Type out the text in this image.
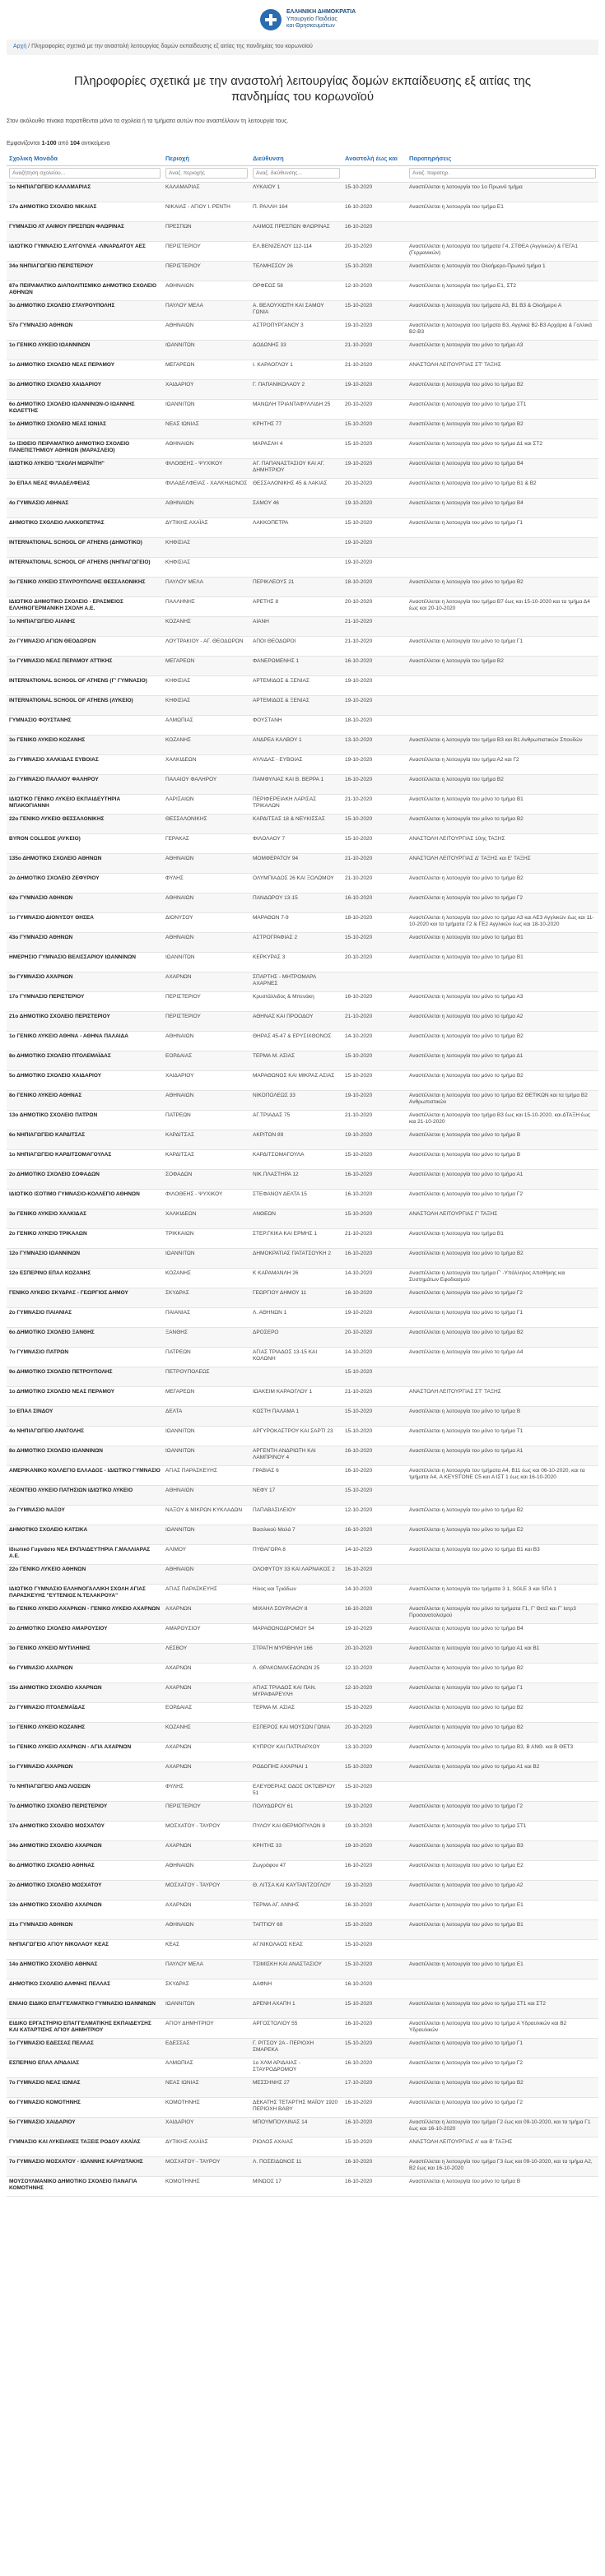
ΕΛΛΗΝΙΚΗ ΔΗΜΟΚΡΑΤΙΑ
Υπουργείο Παιδείας
και Θρησκευμάτων
Αρχή / Πληροφορίες σχετικά με την αναστολή λειτουργίας δομών εκπαίδευσης εξ αιτίας της πανδημίας του κορωνοϊού
Πληροφορίες σχετικά με την αναστολή λειτουργίας δομών εκπαίδευσης εξ αιτίας της πανδημίας του κορωνοϊού

Στον ακόλουθο πίνακα παρατίθενται μόνο τα σχολεία ή τα τμήματα αυτών που αναστέλλουν τη λειτουργία τους.

Εμφανίζονται 1-100 από 104 αντικείμενα

Σχολική Μονάδα	Περιοχή	Διεύθυνση	Αναστολή έως και	Παρατηρήσεις
Αναζήτηση σχολείου...	Αναζ. περιοχής	Αναζ. διεύθυνσης...		Αναζ. παρατηρ.
1ο ΝΗΠΙΑΓΩΓΕΙΟ ΚΑΛΑΜΑΡΙΑΣ	ΚΑΛΑΜΑΡΙΑΣ	ΛΥΚΑΙΟΥ 1	15-10-2020	Αναστέλλεται η λειτουργία του 1ο Πρωινό τμήμα
17ο ΔΗΜΟΤΙΚΟ ΣΧΟΛΕΙΟ ΝΙΚΑΙΑΣ	ΝΙΚΑΙΑΣ - ΑΓΙΟΥ Ι. ΡΕΝΤΗ	Π. ΡΑΛΛΗ 164	16-10-2020	Αναστέλλεται η λειτουργία του τμήμα Ε1
ΓΥΜΝΑΣΙΟ ΛΤ ΛΑΙΜΟΥ ΠΡΕΣΠΩΝ ΦΛΩΡΙΝΑΣ	ΠΡΕΣΠΩΝ	ΛΑΙΜΟΣ ΠΡΕΣΠΩΝ ΦΛΩΡΙΝΑΣ	16-10-2020	
ΙΔΙΩΤΙΚΟ ΓΥΜΝΑΣΙΟ Σ.ΑΥΓΟΥΛΕΑ -ΛΙΝΑΡΔΑΤΟΥ ΑΕΣ	ΠΕΡΙΣΤΕΡΙΟΥ	ΕΛ.ΒΕΝΙΖΕΛΟΥ 112-114	20-10-2020	Αναστέλλεται η λειτουργία του τμήματα Γ4, ΣΤΘΕΑ (Αγγλικών) & ΓΕΓΑ1 (Γερμανικών)
34ο ΝΗΠΙΑΓΩΓΕΙΟ ΠΕΡΙΣΤΕΡΙΟΥ	ΠΕΡΙΣΤΕΡΙΟΥ	ΤΕΛΜΗΣΣΟΥ 26	15-10-2020	Αναστέλλεται η λειτουργία του Ολοήμερο-Πρωινό τμήμα 1
87ο ΠΕΙΡΑΜΑΤΙΚΟ ΔΙΑΠΟΛΙΤΙΣΜΙΚΟ ΔΗΜΟΤΙΚΟ ΣΧΟΛΕΙΟ ΑΘΗΝΩΝ	ΑΘΗΝΑΙΩΝ	ΟΡΦΕΩΣ 58	12-10-2020	Αναστέλλεται η λειτουργία του τμήμα Ε1, ΣΤ2
3ο ΔΗΜΟΤΙΚΟ ΣΧΟΛΕΙΟ ΣΤΑΥΡΟΥΠΟΛΗΣ	ΠΑΥΛΟΥ ΜΕΛΑ	Α. ΒΕΛΟΥΧΙΩΤΗ ΚΑΙ ΣΑΜΟΥ ΓΩΝΙΑ	15-10-2020	Αναστέλλεται η λειτουργία του τμήματα Α3, Β1 Β3 & Ολοήμερο Α
57ο ΓΥΜΝΑΣΙΟ ΑΘΗΝΩΝ	ΑΘΗΝΑΙΩΝ	ΑΣΤΡΟΠΥΡΓΑΝΟΥ 3	19-10-2020	Αναστέλλεται η λειτουργία του τμήματα Β3, Αγγλικά Β2-Β3 Αρχάρια & Γαλλικά Β2-Β3
1ο ΓΕΝΙΚΟ ΛΥΚΕΙΟ ΙΩΑΝΝΙΝΩΝ	ΙΩΑΝΝΙΤΩΝ	ΔΟΔΩΝΗΣ 33	21-10-2020	Αναστέλλεται η λειτουργία του μόνο το τμήμα Α3
1ο ΔΗΜΟΤΙΚΟ ΣΧΟΛΕΙΟ ΝΕΑΣ ΠΕΡΑΜΟΥ	ΜΕΓΑΡΕΩΝ	Ι. ΚΑΡΑΟΓΛΟΥ 1	21-10-2020	ΑΝΑΣΤΟΛΗ ΛΕΙΤΟΥΡΓΙΑΣ ΣΤ' ΤΑΞΗΣ
3ο ΔΗΜΟΤΙΚΟ ΣΧΟΛΕΙΟ ΧΑΙΔΑΡΙΟΥ	ΧΑΙΔΑΡΙΟΥ	Γ. ΠΑΠΑΝΙΚΟΛΑΟΥ 2	19-10-2020	Αναστέλλεται η λειτουργία του μόνο το τμήμα Β2
6ο ΔΗΜΟΤΙΚΟ ΣΧΟΛΕΙΟ ΙΩΑΝΝΙΝΩΝ-Ο ΙΩΑΝΝΗΣ ΚΩΛΕΤΤΗΣ	ΙΩΑΝΝΙΤΩΝ	ΜΑΝΩΛΗ ΤΡΙΑΝΤΑΦΥΛΛΙΔΗ 25	20-10-2020	Αναστέλλεται η λειτουργία του μόνο το τμήμα ΣΤ1
1ο ΔΗΜΟΤΙΚΟ ΣΧΟΛΕΙΟ ΝΕΑΣ ΙΩΝΙΑΣ	ΝΕΑΣ ΙΩΝΙΑΣ	ΚΡΗΤΗΣ 77	15-10-2020	Αναστέλλεται η λειτουργία του μόνο το τμήμα Β2
1ο ΙΣΙΘΕΙΟ ΠΕΙΡΑΜΑΤΙΚΟ ΔΗΜΟΤΙΚΟ ΣΧΟΛΕΙΟ ΠΑΝΕΠΙΣΤΗΜΙΟΥ ΑΘΗΝΩΝ (ΜΑΡΑΣΛΕΙΟ)	ΑΘΗΝΑΙΩΝ	ΜΑΡΑΣΛΗ 4	15-10-2020	Αναστέλλεται η λειτουργία του μόνο το τμήμα Δ1 και ΣΤ2
ΙΔΙΩΤΙΚΟ ΛΥΚΕΙΟ "ΣΧΟΛΗ ΜΩΡΑΪΤΗ"	ΦΙΛΟΘΕΗΣ - ΨΥΧΙΚΟΥ	ΑΓ. ΠΑΠΑΝΑΣΤΑΣΙΟΥ ΚΑΙ ΑΓ. ΔΗΜΗΤΡΙΟΥ	19-10-2020	Αναστέλλεται η λειτουργία του μόνο το τμήμα Β4
3ο ΕΠΑΛ ΝΕΑΣ ΦΙΛΑΔΕΛΦΕΙΑΣ	ΦΙΛΑΔΕΛΦΕΙΑΣ - ΧΑΛΚΗΔΟΝΟΣ	ΘΕΣΣΑΛΟΝΙΚΗΣ 45 & ΛΑΚΙΑΣ	20-10-2020	Αναστέλλεται η λειτουργία του μόνο το τμήμα Β1 & Β2
4ο ΓΥΜΝΑΣΙΟ ΑΘΗΝΑΣ	ΑΘΗΝΑΙΩΝ	ΣΑΜΟΥ 46	19-10-2020	Αναστέλλεται η λειτουργία του μόνο το τμήμα Β4
ΔΗΜΟΤΙΚΟ ΣΧΟΛΕΙΟ ΛΑΚΚΟΠΕΤΡΑΣ	ΔΥΤΙΚΗΣ ΑΧΑΪΑΣ	ΛΑΚΚΟΠΕΤΡΑ	15-10-2020	Αναστέλλεται η λειτουργία του μόνο το τμήμα Γ1
INTERNATIONAL SCHOOL OF ATHENS (ΔΗΜΟΤΙΚΟ)	ΚΗΦΙΣΙΑΣ		19-10-2020	
INTERNATIONAL SCHOOL OF ATHENS (ΝΗΠΙΑΓΩΓΕΙΟ)	ΚΗΦΙΣΙΑΣ		19-10-2020	
3ο ΓΕΝΙΚΟ ΛΥΚΕΙΟ ΣΤΑΥΡΟΥΠΟΛΗΣ ΘΕΣΣΑΛΟΝΙΚΗΣ	ΠΑΥΛΟΥ ΜΕΛΑ	ΠΕΡΙΚΛΕΟΥΣ 21	18-10-2020	Αναστέλλεται η λειτουργία του μόνο το τμήμα Β2
ΙΔΙΩΤΙΚΟ ΔΗΜΟΤΙΚΟ ΣΧΟΛΕΙΟ - ΕΡΑΣΜΕΙΟΣ ΕΛΛΗΝΟΓΕΡΜΑΝΙΚΗ ΣΧΟΛΗ Α.Ε.	ΠΑΛΛΗΝΗΣ	ΑΡΕΤΗΣ 8	20-10-2020	Αναστέλλεται η λειτουργία του τμήμα Β7 έως και 15-10-2020 και τα τμήμα Δ4 έως και 20-10-2020
1ο ΝΗΠΙΑΓΩΓΕΙΟ ΑΙΑΝΗΣ	ΚΟΖΑΝΗΣ	ΑΙΑΝΗ	21-10-2020	
2ο ΓΥΜΝΑΣΙΟ ΑΓΙΩΝ ΘΕΟΔΩΡΩΝ	ΛΟΥΤΡΑΚΙΟΥ - ΑΓ. ΘΕΟΔΩΡΩΝ	ΑΠΟΙ ΘΕΟΔΩΡΟΙ	21-10-2020	Αναστέλλεται η λειτουργία του μόνο το τμήμα Γ1
1ο ΓΥΜΝΑΣΙΟ ΝΕΑΣ ΠΕΡΑΜΟΥ ΑΤΤΙΚΗΣ	ΜΕΓΑΡΕΩΝ	ΦΑΝΕΡΩΜΕΝΗΣ 1	16-10-2020	Αναστέλλεται η λειτουργία του τμήμα Β2
INTERNATIONAL SCHOOL OF ATHENS (Γ' ΓΥΜΝΑΣΙΟ)	ΚΗΦΙΣΙΑΣ	ΑΡΤΕΜΙΔΟΣ & ΞΕΝΙΑΣ	19-10-2020	
INTERNATIONAL SCHOOL OF ATHENS (ΛΥΚΕΙΟ)	ΚΗΦΙΣΙΑΣ	ΑΡΤΕΜΙΔΟΣ & ΞΕΝΙΑΣ	19-10-2020	
ΓΥΜΝΑΣΙΟ ΦΟΥΣΤΑΝΗΣ	ΑΛΜΩΠΙΑΣ	ΦΟΥΣΤΑΝΗ	18-10-2020	
3ο ΓΕΝΙΚΟ ΛΥΚΕΙΟ ΚΟΖΑΝΗΣ	ΚΟΖΑΝΗΣ	ΑΝΔΡΕΑ ΚΑΛΒΟΥ 1	13-10-2020	Αναστέλλεται η λειτουργία του τμήμα Β3 και Β1 Ανθρωπιστικών Σπουδών
2ο ΓΥΜΝΑΣΙΟ ΧΑΛΚΙΔΑΣ ΕΥΒΟΙΑΣ	ΧΑΛΚΙΔΕΩΝ	ΑΥΛΙΔΑΣ - ΕΥΒΟΙΑΣ	19-10-2020	Αναστέλλεται η λειτουργία του τμήμα Α2 και Γ2
2ο ΓΥΜΝΑΣΙΟ ΠΑΛΑΙΟΥ ΦΑΛΗΡΟΥ	ΠΑΛΑΙΟΥ ΦΑΛΗΡΟΥ	ΠΑΜΦΥΛΙΑΣ ΚΑΙ Β. ΒΕΡΡΑ 1	16-10-2020	Αναστέλλεται η λειτουργία του τμήμα Β2
ΙΔΙΩΤΙΚΟ ΓΕΝΙΚΟ ΛΥΚΕΙΟ ΕΚΠΑΙΔΕΥΤΗΡΙΑ ΜΠΑΚΟΓΙΑΝΝΗ	ΛΑΡΙΣΑΙΩΝ	ΠΕΡΙΦΕΡΕΙΑΚΗ ΛΑΡΙΣΑΣ ΤΡΙΚΑΛΩΝ	21-10-2020	Αναστέλλεται η λειτουργία του μόνο το τμήμα Β1
22ο ΓΕΝΙΚΟ ΛΥΚΕΙΟ ΘΕΣΣΑΛΟΝΙΚΗΣ	ΘΕΣΣΑΛΟΝΙΚΗΣ	ΚΑΡΔΙΤΣΑΣ 18 & ΝΕΥΚΙΣΣΑΣ	15-10-2020	Αναστέλλεται η λειτουργία του μόνο το τμήμα Β2
BYRON COLLEGE (ΛΥΚΕΙΟ)	ΓΕΡΑΚΑΣ	ΦΙΛΟΛΑΟΥ 7	15-10-2020	ΑΝΑΣΤΟΛΗ ΛΕΙΤΟΥΡΓΙΑΣ 10ης ΤΑΞΗΣ
135ο ΔΗΜΟΤΙΚΟ ΣΧΟΛΕΙΟ ΑΘΗΝΩΝ	ΑΘΗΝΑΙΩΝ	ΜΟΜΦΕΡΑΤΟΥ 94	21-10-2020	ΑΝΑΣΤΟΛΗ ΛΕΙΤΟΥΡΓΙΑΣ Δ' ΤΑΞΗΣ και Ε' ΤΑΞΗΣ
2ο ΔΗΜΟΤΙΚΟ ΣΧΟΛΕΙΟ ΖΕΦΥΡΙΟΥ	ΦΥΛΗΣ	ΟΛΥΜΠΙΑΔΟΣ 26 ΚΑΙ ΞΟΛΩΜΟΥ	21-10-2020	Αναστέλλεται η λειτουργία του μόνο το τμήμα Β2
62ο ΓΥΜΝΑΣΙΟ ΑΘΗΝΩΝ	ΑΘΗΝΑΙΩΝ	ΠΑΝΔΩΡΟΥ 13-15	16-10-2020	Αναστέλλεται η λειτουργία του μόνο το τμήμα Γ2
1ο ΓΥΜΝΑΣΙΟ ΔΙΟΝΥΣΟΥ ΘΗΣΕΑ	ΔΙΟΝΥΣΟΥ	ΜΑΡΑΘΩΝ 7-9	18-10-2020	Αναστέλλεται η λειτουργία του μόνο το τμήμα Α3 και ΑΕ3 Αγγλικών έως και 11-10-2020 και τα τμήματα Γ2 & ΓΕ2 Αγγλικών έως και 18-10-2020
43ο ΓΥΜΝΑΣΙΟ ΑΘΗΝΩΝ	ΑΘΗΝΑΙΩΝ	ΑΣΤΡΟΓΡΑΦΙΑΣ 2	15-10-2020	Αναστέλλεται η λειτουργία του μόνο το τμήμα Β1
ΗΜΕΡΗΣΙΟ ΓΥΜΝΑΣΙΟ ΒΕΛΙΣΣΑΡΙΟΥ ΙΩΑΝΝΙΝΩΝ	ΙΩΑΝΝΙΤΩΝ	ΚΕΡΚΥΡΑΣ 3	20-10-2020	Αναστέλλεται η λειτουργία του μόνο το τμήμα Β1
3ο ΓΥΜΝΑΣΙΟ ΑΧΑΡΝΩΝ	ΑΧΑΡΝΩΝ	ΣΠΑΡΤΗΣ - ΜΗΤΡΟΜΑΡΑ ΑΧΑΡΝΕΣ		
17ο ΓΥΜΝΑΣΙΟ ΠΕΡΙΣΤΕΡΙΟΥ	ΠΕΡΙΣΤΕΡΙΟΥ	Κρυστάλλιδος & Μπενάκη	16-10-2020	Αναστέλλεται η λειτουργία του μόνο το τμήμα Α3
21ο ΔΗΜΟΤΙΚΟ ΣΧΟΛΕΙΟ ΠΕΡΙΣΤΕΡΙΟΥ	ΠΕΡΙΣΤΕΡΙΟΥ	ΑΘΗΝΑΣ ΚΑΙ ΠΡΟΟΔΟΥ	21-10-2020	Αναστέλλεται η λειτουργία του μόνο το τμήμα Α2
1ο ΓΕΝΙΚΟ ΛΥΚΕΙΟ ΑΘΗΝΑ - ΑΘΗΝΑ ΠΑΛΑΙΔΑ	ΑΘΗΝΑΙΩΝ	ΘΗΡΑΣ 45-47 & ΕΡΥΣΙΧΘΟΝΟΣ	14-10-2020	Αναστέλλεται η λειτουργία του μόνο το τμήμα Β2
8ο ΔΗΜΟΤΙΚΟ ΣΧΟΛΕΙΟ ΠΤΟΛΕΜΑΪΔΑΣ	ΕΟΡΔΑΙΑΣ	ΤΕΡΜΑ Μ. ΑΣΙΑΣ	15-10-2020	Αναστέλλεται η λειτουργία του μόνο το τμήμα Δ1
5ο ΔΗΜΟΤΙΚΟ ΣΧΟΛΕΙΟ ΧΑΙΔΑΡΙΟΥ	ΧΑΙΔΑΡΙΟΥ	ΜΑΡΑΘΩΝΟΣ ΚΑΙ ΜΙΚΡΑΣ ΑΣΙΑΣ	15-10-2020	Αναστέλλεται η λειτουργία του μόνο το τμήμα Β2
8ο ΓΕΝΙΚΟ ΛΥΚΕΙΟ ΑΘΗΝΑΣ	ΑΘΗΝΑΙΩΝ	ΝΙΚΟΠΟΛΕΩΣ 33	19-10-2020	Αναστέλλεται η λειτουργία του μόνο το τμήμα Β2 ΘΕΤΙΚΩΝ και τα τμήμα Β2 Ανθρωπιστικών
13ο ΔΗΜΟΤΙΚΟ ΣΧΟΛΕΙΟ ΠΑΤΡΩΝ	ΠΑΤΡΕΩΝ	ΑΓ.ΤΡΙΑΔΑΣ 75	21-10-2020	Αναστέλλεται η λειτουργία του τμήμα Β3 έως και 15-10-2020, και ΔΤΑΞΗ έως και 21-10-2020
6ο ΝΗΠΙΑΓΩΓΕΙΟ ΚΑΡΔΙΤΣΑΣ	ΚΑΡΔΙΤΣΑΣ	ΑΚΡΙΤΩΝ 89	19-10-2020	Αναστέλλεται η λειτουργία του μόνο το τμήμα Β
1ο ΝΗΠΙΑΓΩΓΕΙΟ ΚΑΡΔΙΤΣΟΜΑΓΟΥΛΑΣ	ΚΑΡΔΙΤΣΑΣ	ΚΑΡΔΙΤΣΟΜΑΓΟΥΛΑ	15-10-2020	Αναστέλλεται η λειτουργία του μόνο το τμήμα Β
2ο ΔΗΜΟΤΙΚΟ ΣΧΟΛΕΙΟ ΣΟΦΑΔΩΝ	ΣΟΦΑΔΩΝ	ΝΙΚ.ΠΛΑΣΤΗΡΑ 12	16-10-2020	Αναστέλλεται η λειτουργία του μόνο το τμήμα Α1
ΙΔΙΩΤΙΚΟ ΙΣΟΤΙΜΟ ΓΥΜΝΑΣΙΟ-ΚΟΛΛΕΓΙΟ ΑΘΗΝΩΝ	ΦΙΛΟΘΕΗΣ - ΨΥΧΙΚΟΥ	ΣΤΕΦΑΝΟΥ ΔΕΛΤΑ 15	16-10-2020	Αναστέλλεται η λειτουργία του μόνο το τμήμα Γ2
3ο ΓΕΝΙΚΟ ΛΥΚΕΙΟ ΧΑΛΚΙΔΑΣ	ΧΑΛΚΙΔΕΩΝ	ΑΝΘΕΩΝ	15-10-2020	ΑΝΑΣΤΟΛΗ ΛΕΙΤΟΥΡΓΙΑΣ Γ' ΤΑΞΗΣ
2ο ΓΕΝΙΚΟ ΛΥΚΕΙΟ ΤΡΙΚΑΛΩΝ	ΤΡΙΚΚΑΙΩΝ	ΣΤΕΡ.ΓΚΙΚΑ ΚΑΙ ΕΡΜΗΣ 1	21-10-2020	Αναστέλλεται η λειτουργία του τμήμα Β1
12ο ΓΥΜΝΑΣΙΟ ΙΩΑΝΝΙΝΩΝ	ΙΩΑΝΝΙΤΩΝ	ΔΗΜΟΚΡΑΤΙΑΣ ΠΑΤΑΤΣΟΥΚΗ 2	16-10-2020	Αναστέλλεται η λειτουργία του μόνο το τμήμα Β2
12ο ΕΣΠΕΡΙΝΟ ΕΠΑΛ ΚΟΖΑΝΗΣ	ΚΟΖΑΝΗΣ	Κ ΚΑΡΑΜΑΝΛΗ 26	14-10-2020	Αναστέλλεται η λειτουργία του τμήμα Γ' -Υπάλληλος Αποθήκης και Συστημάτων Εφοδιασμού
ΓΕΝΙΚΟ ΛΥΚΕΙΟ ΣΚΥΔΡΑΣ - ΓΕΩΡΓΙΟΣ ΔΗΜΟΥ	ΣΚΥΔΡΑΣ	ΓΕΩΡΓΙΟΥ ΔΗΜΟΥ 11	16-10-2020	Αναστέλλεται η λειτουργία του μόνο το τμήμα Γ2
2ο ΓΥΜΝΑΣΙΟ ΠΑΙΑΝΙΑΣ	ΠΑΙΑΝΙΑΣ	Λ. ΑΘΗΝΩΝ 1	19-10-2020	Αναστέλλεται η λειτουργία του μόνο το τμήμα Γ1
6ο ΔΗΜΟΤΙΚΟ ΣΧΟΛΕΙΟ ΞΑΝΘΗΣ	ΞΑΝΘΗΣ	ΔΡΟΣΕΡΟ	20-10-2020	Αναστέλλεται η λειτουργία του μόνο το τμήμα Β2
7ο ΓΥΜΝΑΣΙΟ ΠΑΤΡΩΝ	ΠΑΤΡΕΩΝ	ΑΓΙΑΣ ΤΡΙΑΔΟΣ 13-15 ΚΑΙ ΚΟΛΩΝΗ	14-10-2020	Αναστέλλεται η λειτουργία του μόνο το τμήμα Α4
9ο ΔΗΜΟΤΙΚΟ ΣΧΟΛΕΙΟ ΠΕΤΡΟΥΠΟΛΗΣ	ΠΕΤΡΟΥΠΟΛΕΩΣ		15-10-2020	
1ο ΔΗΜΟΤΙΚΟ ΣΧΟΛΕΙΟ ΝΕΑΣ ΠΕΡΑΜΟΥ	ΜΕΓΑΡΕΩΝ	ΙΩΑΚΕΙΜ ΚΑΡΑΟΓΛΟΥ 1	21-10-2020	ΑΝΑΣΤΟΛΗ ΛΕΙΤΟΥΡΓΙΑΣ ΣΤ' ΤΑΞΗΣ
1ο ΕΠΑΛ ΣΙΝΔΟΥ	ΔΕΛΤΑ	ΚΩΣΤΗ ΠΑΛΑΜΑ 1	15-10-2020	Αναστέλλεται η λειτουργία του μόνο το τμήμα Β
4ο ΝΗΠΙΑΓΩΓΕΙΟ ΑΝΑΤΟΛΗΣ	ΙΩΑΝΝΙΤΩΝ	ΑΡΓΥΡΟΚΑΣΤΡΟΥ ΚΑΙ ΣΑΡΤΙ 23	15-10-2020	Αναστέλλεται η λειτουργία του μόνο το τμήμα Τ1
8ο ΔΗΜΟΤΙΚΟ ΣΧΟΛΕΙΟ ΙΩΑΝΝΙΝΩΝ	ΙΩΑΝΝΙΤΩΝ	ΑΡΓΕΝΤΗ ΑΝΔΡΙΩΤΗ ΚΑΙ ΛΑΜΠΡΙΝΟΥ 4	16-10-2020	Αναστέλλεται η λειτουργία του μόνο το τμήμα Α1
ΑΜΕΡΙΚΑΝΙΚΟ ΚΟΛΛΕΓΙΟ ΕΛΛΑΔΟΣ - ΙΔΙΩΤΙΚΟ ΓΥΜΝΑΣΙΟ	ΑΓΙΑΣ ΠΑΡΑΣΚΕΥΗΣ	ΓΡΑΒΙΑΣ 6	16-10-2020	Αναστέλλεται η λειτουργία του τμήματα Α4, Β11 έως και 06-10-2020, και τα τμήματα Α4, A KEYSTONE C5 και A ΙΣΤ 1 έως και 16-10-2020
ΛΕΟΝΤΕΙΟ ΛΥΚΕΙΟ ΠΑΤΗΣΙΩΝ ΙΔΙΩΤΙΚΟ ΛΥΚΕΙΟ	ΑΘΗΝΑΙΩΝ	ΝΕΦΥ 17	15-10-2020	
2ο ΓΥΜΝΑΣΙΟ ΝΑΞΟΥ	ΝΑΞΟΥ & ΜΙΚΡΩΝ ΚΥΚΛΑΔΩΝ	ΠΑΠΑΒΑΣΙΛΕΙΟΥ	12-10-2020	Αναστέλλεται η λειτουργία του μόνο το τμήμα Β2
ΔΗΜΟΤΙΚΟ ΣΧΟΛΕΙΟ ΚΑΤΣΙΚΑ	ΙΩΑΝΝΙΤΩΝ	Βασιλικού Μολά 7	16-10-2020	Αναστέλλεται η λειτουργία του μόνο το τμήμα Ε2
Ιδιωτικό Γυμνάσιο ΝΕΑ ΕΚΠΑΙΔΕΥΤΗΡΙΑ Γ.ΜΑΛΛΙΑΡΑΣ Α.Ε.	ΑΛΙΜΟΥ	ΠΥΘΑΓΟΡΑ 8	14-10-2020	Αναστέλλεται η λειτουργία του μόνο το τμήμα Β1 και Β3
22ο ΓΕΝΙΚΟ ΛΥΚΕΙΟ ΑΘΗΝΩΝ	ΑΘΗΝΑΙΩΝ	ΟΛΟΦΥΤΟΥ 33 ΚΑΙ ΛΑΡΝΑΚΟΣ 2	16-10-2020	
ΙΔΙΩΤΙΚΟ ΓΥΜΝΑΣΙΟ ΕΛΛΗΝΟΓΑΛΛΙΚΗ ΣΧΟΛΗ ΑΓΙΑΣ ΠΑΡΑΣΚΕΥΗΣ "ΕΥΤΕΝΙΟΣ Ν.ΤΕΛΑΚΡΟΥΑ"	ΑΓΙΑΣ ΠΑΡΑΣΚΕΥΗΣ	Ηλιος και Τριάδων	14-10-2020	Αναστέλλεται η λειτουργία του τμήματα 3 1, SGLE 3 και SΠΑ 1
8ο ΓΕΝΙΚΟ ΛΥΚΕΙΟ ΑΧΑΡΝΩΝ - ΓΕΝΙΚΟ ΛΥΚΕΙΟ ΑΧΑΡΝΩΝ	ΑΧΑΡΝΩΝ	ΜΙΧΑΗΛ ΣΟΥΡΛΑΟΥ 8	16-10-2020	Αναστέλλεται η λειτουργία του μόνο τα τμήματα Γ1, Γ' Θετ2 και Γ' Ιατρ3 Προσανατολισμού
2ο ΔΗΜΟΤΙΚΟ ΣΧΟΛΕΙΟ ΑΜΑΡΟΥΣΙΟΥ	ΑΜΑΡΟΥΣΙΟΥ	ΜΑΡΑΘΩΝΟΔΡΟΜΟΥ 54	19-10-2020	Αναστέλλεται η λειτουργία του μόνο το τμήμα Β4
3ο ΓΕΝΙΚΟ ΛΥΚΕΙΟ ΜΥΤΙΛΗΝΗΣ	ΛΕΣΒΟΥ	ΣΤΡΑΤΗ ΜΥΡΙΒΗΛΗ 166	20-10-2020	Αναστέλλεται η λειτουργία του μόνο το τμήμα Α1 και Β1
6ο ΓΥΜΝΑΣΙΟ ΑΧΑΡΝΩΝ	ΑΧΑΡΝΩΝ	Λ. ΘΡΑΚΟΜΑΚΕΔΟΝΩΝ 25	12-10-2020	Αναστέλλεται η λειτουργία του μόνο το τμήμα Β2
15ο ΔΗΜΟΤΙΚΟ ΣΧΟΛΕΙΟ ΑΧΑΡΝΩΝ	ΑΧΑΡΝΩΝ	ΑΓΙΑΣ ΤΡΙΑΔΟΣ ΚΑΙ ΠΑΝ. ΜΥΡΑΦΑΡΕΥΛΗ	12-10-2020	Αναστέλλεται η λειτουργία του μόνο το τμήμα Γ1
2ο ΓΥΜΝΑΣΙΟ ΠΤΟΛΕΜΑΪΔΑΣ	ΕΟΡΔΑΙΑΣ	ΤΕΡΜΑ Μ. ΑΣΙΑΣ	15-10-2020	Αναστέλλεται η λειτουργία του μόνο το τμήμα Β2
1ο ΓΕΝΙΚΟ ΛΥΚΕΙΟ ΚΟΖΑΝΗΣ	ΚΟΖΑΝΗΣ	ΕΣΠΕΡΟΣ ΚΑΙ ΜΟΥΣΩΝ ΓΩΝΙΑ	20-10-2020	Αναστέλλεται η λειτουργία του μόνο το τμήμα Β2
1ο ΓΕΝΙΚΟ ΛΥΚΕΙΟ ΑΧΑΡΝΩΝ - ΑΓΙΑ ΑΧΑΡΝΩΝ	ΑΧΑΡΝΩΝ	ΚΥΠΡΟΥ ΚΑΙ ΠΑΤΡΙΑΡΧΟΥ	13-10-2020	Αναστέλλεται η λειτουργία του μόνο το τμήμα Β3, Β ΑΝΘ. και Β ΘΕΤ3
1ο ΓΥΜΝΑΣΙΟ ΑΧΑΡΝΩΝ	ΑΧΑΡΝΩΝ	ΡΟΔΟΠΗΣ ΑΧΑΡΝΑΙ 1	15-10-2020	Αναστέλλεται η λειτουργία του μόνο το τμήμα Α1 και Β2
7ο ΝΗΠΙΑΓΩΓΕΙΟ ΑΝΩ ΛΙΟΣΙΩΝ	ΦΥΛΗΣ	ΕΛΕΥΘΕΡΙΑΣ ΟΔΟΣ ΟΚΤΩΒΡΙΟΥ 51	15-10-2020	
7ο ΔΗΜΟΤΙΚΟ ΣΧΟΛΕΙΟ ΠΕΡΙΣΤΕΡΙΟΥ	ΠΕΡΙΣΤΕΡΙΟΥ	ΠΟΛΥΔΩΡΟΥ 61	19-10-2020	Αναστέλλεται η λειτουργία του μόνο το τμήμα Γ2
17ο ΔΗΜΟΤΙΚΟ ΣΧΟΛΕΙΟ ΜΟΣΧΑΤΟΥ	ΜΟΣΧΑΤΟΥ - ΤΑΥΡΟΥ	ΠΥΛΟΥ ΚΑΙ ΘΕΡΜΟΠΥΛΩΝ 8	19-10-2020	Αναστέλλεται η λειτουργία του μόνο το τμήμα ΣΤ1
34ο ΔΗΜΟΤΙΚΟ ΣΧΟΛΕΙΟ ΑΧΑΡΝΩΝ	ΑΧΑΡΝΩΝ	ΚΡΗΤΗΣ 33	19-10-2020	Αναστέλλεται η λειτουργία του μόνο το τμήμα Β3
8ο ΔΗΜΟΤΙΚΟ ΣΧΟΛΕΙΟ ΑΘΗΝΑΣ	ΑΘΗΝΑΙΩΝ	Ζωγράφου 47	16-10-2020	Αναστέλλεται η λειτουργία του μόνο το τμήμα Ε2
2ο ΔΗΜΟΤΙΚΟ ΣΧΟΛΕΙΟ ΜΟΣΧΑΤΟΥ	ΜΟΣΧΑΤΟΥ - ΤΑΥΡΟΥ	Θ. ΛΙΤΣΑ ΚΑΙ ΚΑΥΤΑΝΤΖΟΓΛΟΥ	19-10-2020	Αναστέλλεται η λειτουργία του μόνο το τμήμα Α2
13ο ΔΗΜΟΤΙΚΟ ΣΧΟΛΕΙΟ ΑΧΑΡΝΩΝ	ΑΧΑΡΝΩΝ	ΤΕΡΜΑ ΑΓ. ΑΝΝΗΣ	16-10-2020	Αναστέλλεται η λειτουργία του μόνο το τμήμα Ε1
21ο ΓΥΜΝΑΣΙΟ ΑΘΗΝΩΝ	ΑΘΗΝΑΙΩΝ	ΤΑΠΤΙΟΥ 69	15-10-2020	Αναστέλλεται η λειτουργία του μόνο το τμήμα Β1
ΝΗΠΙΑΓΩΓΕΙΟ ΑΓΙΟΥ ΝΙΚΟΛΑΟΥ ΚΕΑΣ	ΚΕΑΣ	ΑΓ.ΝΙΚΟΛΑΟΣ ΚΕΑΣ	15-10-2020	
14ο ΔΗΜΟΤΙΚΟ ΣΧΟΛΕΙΟ ΑΘΗΝΑΣ	ΠΑΥΛΟΥ ΜΕΛΑ	ΤΣΙΜΙΣΚΗ ΚΑΙ ΑΝΑΣΤΑΣΙΟΥ	15-10-2020	Αναστέλλεται η λειτουργία του μόνο το τμήμα Ε1
ΔΗΜΟΤΙΚΟ ΣΧΟΛΕΙΟ ΔΑΦΝΗΣ ΠΕΛΛΑΣ	ΣΚΥΔΡΑΣ	ΔΑΦΝΗ	16-10-2020	
ΕΝΙΑΙΟ ΕΙΔΙΚΟ ΕΠΑΓΓΕΛΜΑΤΙΚΟ ΓΥΜΝΑΣΙΟ ΙΩΑΝΝΙΝΩΝ	ΙΩΑΝΝΙΤΩΝ	ΔΡΕΝΗ ΑΧΑΠΗ 1	15-10-2020	Αναστέλλεται η λειτουργία του μόνο το τμήμα ΣΤ1 και ΣΤ2
ΕΙΔΙΚΟ ΕΡΓΑΣΤΗΡΙΟ ΕΠΑΓΓΕΛΜΑΤΙΚΗΣ ΕΚΠΑΙΔΕΥΣΗΣ ΚΑΙ ΚΑΤΑΡΤΙΣΗΣ ΑΓΙΟΥ ΔΗΜΗΤΡΙΟΥ	ΑΓΙΟΥ ΔΗΜΗΤΡΙΟΥ	ΑΡΓΟΣΤΟΛΙΟΥ 55	16-10-2020	Αναστέλλεται η λειτουργία του μόνο το τμήμα Α Υδραυλικών και Β2 Υδραυλικών
1ο ΓΥΜΝΑΣΙΟ ΕΔΕΣΣΑΣ ΠΕΛΛΑΣ	ΕΔΕΣΣΑΣ	Γ. ΡΙΤΣΟΥ 2Α - ΠΕΡΙΟΧΗ ΣΜΑΡΕΚΑ	15-10-2020	Αναστέλλεται η λειτουργία του μόνο το τμήμα Γ1
ΕΣΠΕΡΙΝΟ ΕΠΑΛ ΑΡΙΔΑΙΑΣ	ΑΛΜΩΠΙΑΣ	1ο ΧΛΜ ΑΡΙΔΑΙΑΣ - ΣΤΑΥΡΟΔΡΟΜΟΥ	16-10-2020	Αναστέλλεται η λειτουργία του μόνο το τμήμα Γ2
7ο ΓΥΜΝΑΣΙΟ ΝΕΑΣ ΙΩΝΙΑΣ	ΝΕΑΣ ΙΩΝΙΑΣ	ΜΕΣΣΗΝΗΣ 27	17-10-2020	Αναστέλλεται η λειτουργία του μόνο το τμήμα Β2
6ο ΓΥΜΝΑΣΙΟ ΚΟΜΟΤΗΝΗΣ	ΚΟΜΟΤΗΝΗΣ	ΔΕΚΑΤΗΣ ΤΕΤΑΡΤΗΣ ΜΑΪΟΥ 1920 ΠΕΡΙΟΧΗ ΒΑΘΥ	16-10-2020	Αναστέλλεται η λειτουργία του μόνο το τμήμα Γ2
5ο ΓΥΜΝΑΣΙΟ ΧΑΙΔΑΡΙΟΥ	ΧΑΙΔΑΡΙΟΥ	ΜΠΟΥΜΠΟΥΛΙΝΑΣ 14	16-10-2020	Αναστέλλεται η λειτουργία του τμήμα Γ2 έως και 09-10-2020, και τα τμήμα Γ1 έως και 16-10-2020
ΓΥΜΝΑΣΙΟ ΚΑΙ ΛΥΚΕΙΑΚΕΣ ΤΑΞΕΙΣ ΡΟΔΟΥ ΑΧΑΪΑΣ	ΔΥΤΙΚΗΣ ΑΧΑΪΑΣ	ΡΙΟΛΟΣ ΑΧΑΙΑΣ	15-10-2020	ΑΝΑΣΤΟΛΗ ΛΕΙΤΟΥΡΓΙΑΣ Α' και Β' ΤΑΞΗΣ
7ο ΓΥΜΝΑΣΙΟ ΜΟΣΧΑΤΟΥ - ΙΩΑΝΝΗΣ ΚΑΡΥΩΤΑΚΗΣ	ΜΟΣΧΑΤΟΥ - ΤΑΥΡΟΥ	Λ. ΠΟΣΕΙΔΩΝΟΣ 11	16-10-2020	Αναστέλλεται η λειτουργία του τμήμα Γ3 έως και 09-10-2020, και τα τμήμα Α2, Β2 έως και 16-10-2020
ΜΟΥΣΟΥΛΜΑΝΙΚΟ ΔΗΜΟΤΙΚΟ ΣΧΟΛΕΙΟ ΠΑΝΑΓΙΑ ΚΟΜΟΤΗΝΗΣ	ΚΟΜΟΤΗΝΗΣ	ΜΙΝΩΟΣ 17	16-10-2020	Αναστέλλεται η λειτουργία του μόνο το τμήμα Β
